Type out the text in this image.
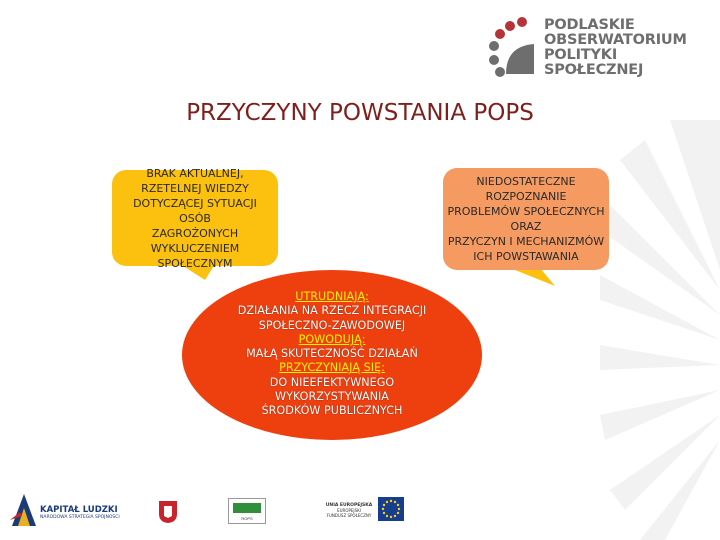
PODLASKIE
OBSERWATORIUM
POLITYKI
SPOŁECZNEJ
PRZYCZYNY POWSTANIA POPS
BRAK AKTUALNEJ,
RZETELNEJ WIEDZY
DOTYCZĄCEJ SYTUACJI OSÓB
ZAGROŻONYCH
WYKLUCZENIEM SPOŁECZNYM
NIEDOSTATECZNE
ROZPOZNANIE
PROBLEMÓW SPOŁECZNYCH
ORAZ
PRZYCZYN I MECHANIZMÓW
ICH POWSTAWANIA
UTRUDNIAJĄ:
DZIAŁANIA NA RZECZ INTEGRACJI
SPOŁECZNO-ZAWODOWEJ
POWODUJĄ:
MAŁĄ SKUTECZNOŚĆ DZIAŁAŃ
PRZYCZYNIAJĄ SIĘ:
DO NIEEFEKTYWNEGO
WYKORZYSTYWANIA
ŚRODKÓW PUBLICZNYCH
KAPITAŁ LUDZKI
NARODOWA STRATEGIA SPÓJNOŚCI	ROPS
UNIA EUROPEJSKA
EUROPEJSKI
FUNDUSZ SPOŁECZNY
